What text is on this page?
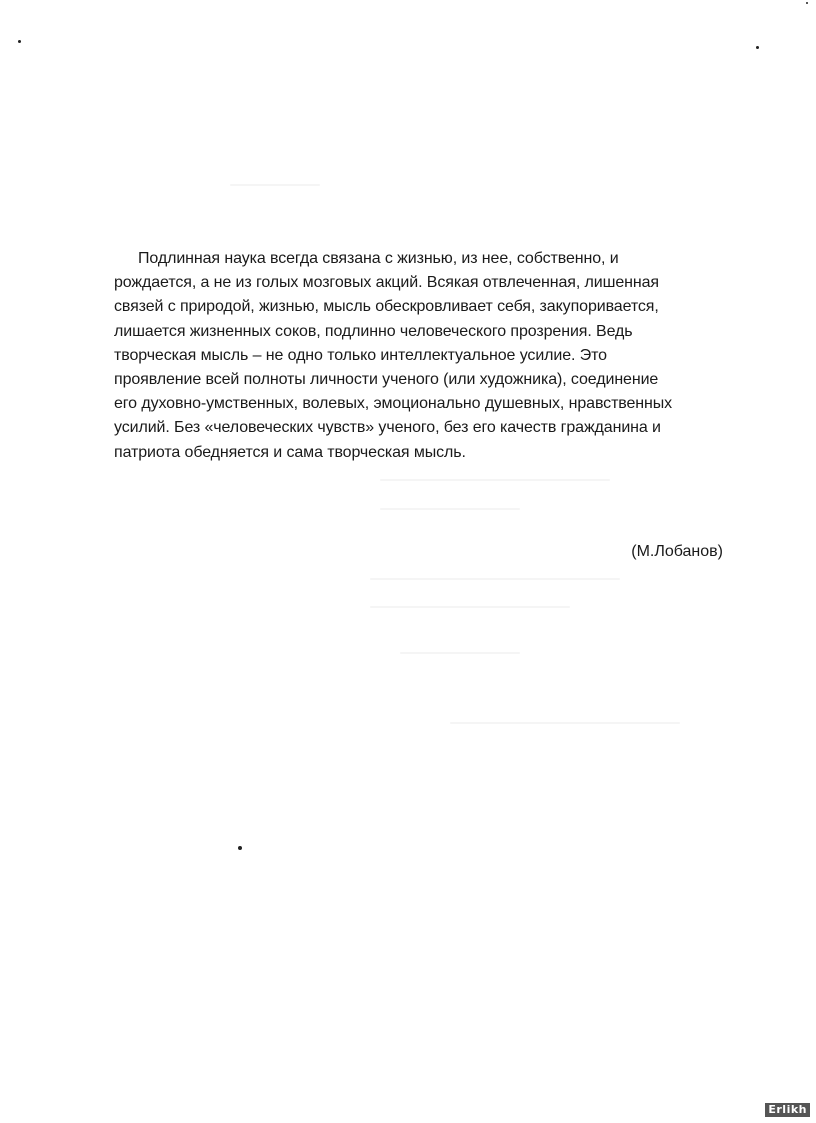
Подлинная наука всегда связана с жизнью, из нее, собственно, и
рождается, а не из голых мозговых акций. Всякая отвлеченная, лишенная
связей с природой, жизнью, мысль обескровливает себя, закупоривается,
лишается жизненных соков, подлинно человеческого прозрения. Ведь
творческая мысль – не одно только интеллектуальное усилие. Это
проявление всей полноты личности ученого (или художника), соединение
его духовно-умственных, волевых, эмоционально душевных, нравственных
усилий. Без «человеческих чувств» ученого, без его качеств гражданина и
патриота обедняется и сама творческая мысль.
(М.Лобанов)
Erlikh
